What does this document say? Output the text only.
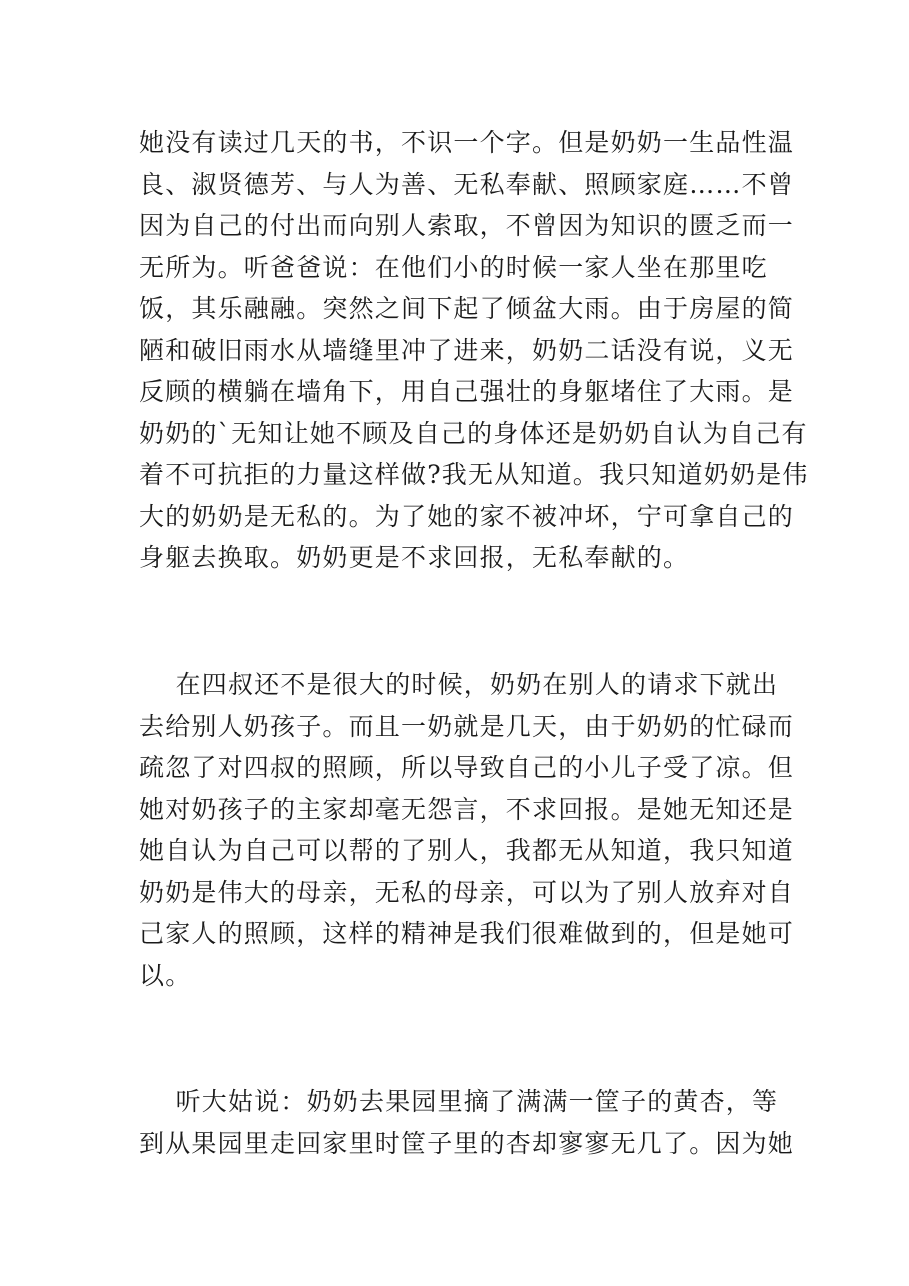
她没有读过几天的书，不识一个字。但是奶奶一生品性温
良、淑贤德芳、与人为善、无私奉献、照顾家庭……不曾
因为自己的付出而向别人索取，不曾因为知识的匮乏而一
无所为。听爸爸说：在他们小的时候一家人坐在那里吃
饭，其乐融融。突然之间下起了倾盆大雨。由于房屋的简
陋和破旧雨水从墙缝里冲了进来，奶奶二话没有说，义无
反顾的横躺在墙角下，用自己强壮的身躯堵住了大雨。是
奶奶的`无知让她不顾及自己的身体还是奶奶自认为自己有
着不可抗拒的力量这样做?我无从知道。我只知道奶奶是伟
大的奶奶是无私的。为了她的家不被冲坏，宁可拿自己的
身躯去换取。奶奶更是不求回报，无私奉献的。
在四叔还不是很大的时候，奶奶在别人的请求下就出
去给别人奶孩子。而且一奶就是几天，由于奶奶的忙碌而
疏忽了对四叔的照顾，所以导致自己的小儿子受了凉。但
她对奶孩子的主家却毫无怨言，不求回报。是她无知还是
她自认为自己可以帮的了别人，我都无从知道，我只知道
奶奶是伟大的母亲，无私的母亲，可以为了别人放弃对自
己家人的照顾，这样的精神是我们很难做到的，但是她可
以。
听大姑说：奶奶去果园里摘了满满一筐子的黄杏，等
到从果园里走回家里时筐子里的杏却寥寥无几了。因为她
